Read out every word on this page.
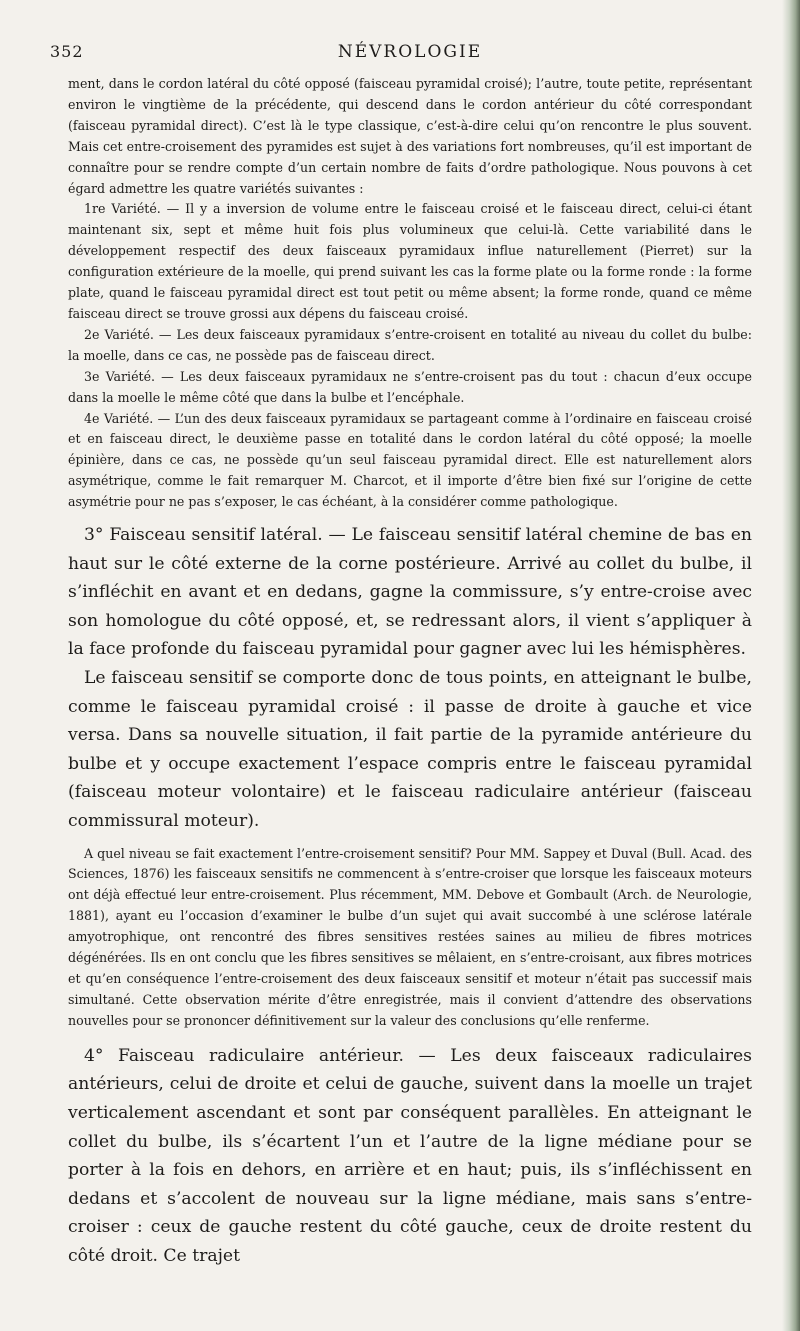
352	NÉVROLOGIE

ment, dans le cordon latéral du côté opposé (faisceau pyramidal croisé); l’autre, toute petite, représentant environ le vingtième de la précédente, qui descend dans le cordon antérieur du côté correspondant (faisceau pyramidal direct). C’est là le type classique, c’est-à-dire celui qu’on rencontre le plus souvent. Mais cet entre-croisement des pyramides est sujet à des variations fort nombreuses, qu’il est important de connaître pour se rendre compte d’un certain nombre de faits d’ordre pathologique. Nous pouvons à cet égard admettre les quatre variétés suivantes :

1re Variété. — Il y a inversion de volume entre le faisceau croisé et le faisceau direct, celui-ci étant maintenant six, sept et même huit fois plus volumineux que celui-là. Cette variabilité dans le développement respectif des deux faisceaux pyramidaux influe naturellement (Pierret) sur la configuration extérieure de la moelle, qui prend suivant les cas la forme plate ou la forme ronde : la forme plate, quand le faisceau pyramidal direct est tout petit ou même absent; la forme ronde, quand ce même faisceau direct se trouve grossi aux dépens du faisceau croisé.

2e Variété. — Les deux faisceaux pyramidaux s’entre-croisent en totalité au niveau du collet du bulbe: la moelle, dans ce cas, ne possède pas de faisceau direct.

3e Variété. — Les deux faisceaux pyramidaux ne s’entre-croisent pas du tout : chacun d’eux occupe dans la moelle le même côté que dans la bulbe et l’encéphale.

4e Variété. — L’un des deux faisceaux pyramidaux se partageant comme à l’ordinaire en faisceau croisé et en faisceau direct, le deuxième passe en totalité dans le cordon latéral du côté opposé; la moelle épinière, dans ce cas, ne possède qu’un seul faisceau pyramidal direct. Elle est naturellement alors asymétrique, comme le fait remarquer M. Charcot, et il importe d’être bien fixé sur l’origine de cette asymétrie pour ne pas s’exposer, le cas échéant, à la considérer comme pathologique.

3° Faisceau sensitif latéral. — Le faisceau sensitif latéral chemine de bas en haut sur le côté externe de la corne postérieure. Arrivé au collet du bulbe, il s’infléchit en avant et en dedans, gagne la commissure, s’y entre-croise avec son homologue du côté opposé, et, se redressant alors, il vient s’appliquer à la face profonde du faisceau pyramidal pour gagner avec lui les hémisphères.

Le faisceau sensitif se comporte donc de tous points, en atteignant le bulbe, comme le faisceau pyramidal croisé : il passe de droite à gauche et vice versa. Dans sa nouvelle situation, il fait partie de la pyramide antérieure du bulbe et y occupe exactement l’espace compris entre le faisceau pyramidal (faisceau moteur volontaire) et le faisceau radiculaire antérieur (faisceau commissural moteur).

A quel niveau se fait exactement l’entre-croisement sensitif? Pour MM. Sappey et Duval (Bull. Acad. des Sciences, 1876) les faisceaux sensitifs ne commencent à s’entre-croiser que lorsque les faisceaux moteurs ont déjà effectué leur entre-croisement. Plus récemment, MM. Debove et Gombault (Arch. de Neurologie, 1881), ayant eu l’occasion d’examiner le bulbe d’un sujet qui avait succombé à une sclérose latérale amyotrophique, ont rencontré des fibres sensitives restées saines au milieu de fibres motrices dégénérées. Ils en ont conclu que les fibres sensitives se mêlaient, en s’entre-croisant, aux fibres motrices et qu’en conséquence l’entre-croisement des deux faisceaux sensitif et moteur n’était pas successif mais simultané. Cette observation mérite d’être enregistrée, mais il convient d’attendre des observations nouvelles pour se prononcer définitivement sur la valeur des conclusions qu’elle renferme.

4° Faisceau radiculaire antérieur. — Les deux faisceaux radiculaires antérieurs, celui de droite et celui de gauche, suivent dans la moelle un trajet verticalement ascendant et sont par conséquent parallèles. En atteignant le collet du bulbe, ils s’écartent l’un et l’autre de la ligne médiane pour se porter à la fois en dehors, en arrière et en haut; puis, ils s’infléchissent en dedans et s’accolent de nouveau sur la ligne médiane, mais sans s’entre-croiser : ceux de gauche restent du côté gauche, ceux de droite restent du côté droit. Ce trajet
